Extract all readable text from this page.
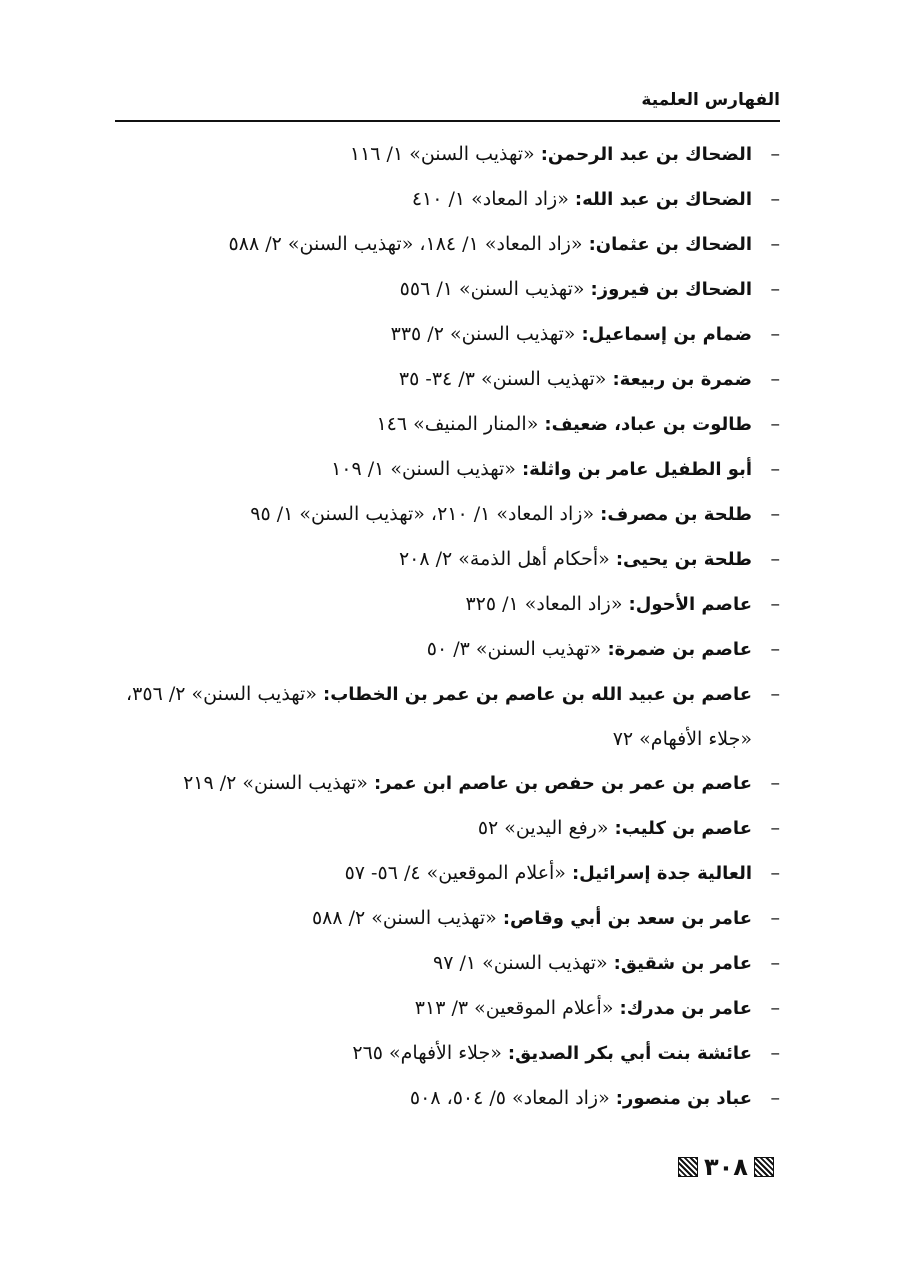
الفهارس العلمية
–
الضحاك بن عبد الرحمن: «تهذيب السنن» ١/ ١١٦
–
الضحاك بن عبد الله: «زاد المعاد» ١/ ٤١٠
–
الضحاك بن عثمان: «زاد المعاد» ١/ ١٨٤، «تهذيب السنن» ٢/ ٥٨٨
–
الضحاك بن فيروز: «تهذيب السنن» ١/ ٥٥٦
–
ضمام بن إسماعيل: «تهذيب السنن» ٢/ ٣٣٥
–
ضمرة بن ربيعة: «تهذيب السنن» ٣/ ٣٤- ٣٥
–
طالوت بن عباد، ضعيف: «المنار المنيف» ١٤٦
–
أبو الطفيل عامر بن واثلة: «تهذيب السنن» ١/ ١٠٩
–
طلحة بن مصرف: «زاد المعاد» ١/ ٢١٠، «تهذيب السنن» ١/ ٩٥
–
طلحة بن يحيى: «أحكام أهل الذمة» ٢/ ٢٠٨
–
عاصم الأحول: «زاد المعاد» ١/ ٣٢٥
–
عاصم بن ضمرة: «تهذيب السنن» ٣/ ٥٠
–
عاصم بن عبيد الله بن عاصم بن عمر بن الخطاب: «تهذيب السنن» ٢/ ٣٥٦، «جلاء الأفهام» ٧٢
–
عاصم بن عمر بن حفص بن عاصم ابن عمر: «تهذيب السنن» ٢/ ٢١٩
–
عاصم بن كليب: «رفع اليدين» ٥٢
–
العالية جدة إسرائيل: «أعلام الموقعين» ٤/ ٥٦- ٥٧
–
عامر بن سعد بن أبي وقاص: «تهذيب السنن» ٢/ ٥٨٨
–
عامر بن شقيق: «تهذيب السنن» ١/ ٩٧
–
عامر بن مدرك: «أعلام الموقعين» ٣/ ٣١٣
–
عائشة بنت أبي بكر الصديق: «جلاء الأفهام» ٢٦٥
–
عباد بن منصور: «زاد المعاد» ٥/ ٥٠٤، ٥٠٨
٣٠٨
